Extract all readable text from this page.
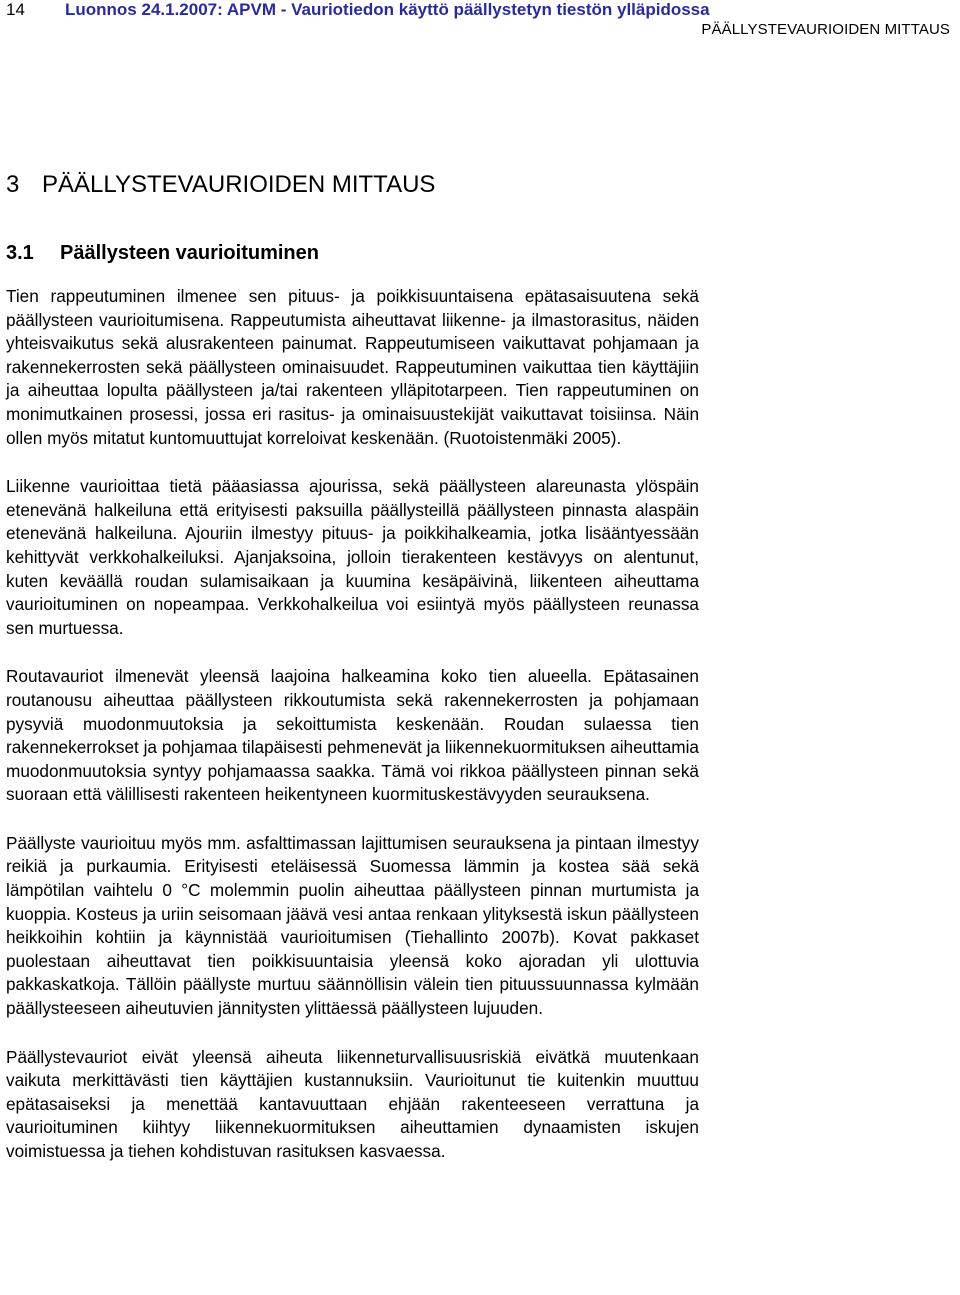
14 Luonnos 24.1.2007: APVM - Vauriotiedon käyttö päällystetyn tiestön ylläpidossa
PÄÄLLYSTEVAURIOIDEN MITTAUS
3 PÄÄLLYSTEVAURIOIDEN MITTAUS
3.1 Päällysteen vaurioituminen

Tien rappeutuminen ilmenee sen pituus- ja poikkisuuntaisena epätasaisuutena sekä päällysteen vaurioitumisena. Rappeutumista aiheuttavat liikenne- ja ilmastorasitus, näiden yhteisvaikutus sekä alusrakenteen painumat. Rappeutumiseen vaikuttavat pohjamaan ja rakennekerrosten sekä päällysteen ominaisuudet. Rappeutuminen vaikuttaa tien käyttäjiin ja aiheuttaa lopulta päällysteen ja/tai rakenteen ylläpitotarpeen. Tien rappeutuminen on monimutkainen prosessi, jossa eri rasitus- ja ominaisuustekijät vaikuttavat toisiinsa. Näin ollen myös mitatut kuntomuuttujat korreloivat keskenään. (Ruotoistenmäki 2005).

Liikenne vaurioittaa tietä pääasiassa ajourissa, sekä päällysteen alareunasta ylöspäin etenevänä halkeiluna että erityisesti paksuilla päällysteillä päällysteen pinnasta alaspäin etenevänä halkeiluna. Ajouriin ilmestyy pituus- ja poikkihalkeamia, jotka lisääntyessään kehittyvät verkkohalkeiluksi. Ajanjaksoina, jolloin tierakenteen kestävyys on alentunut, kuten keväällä roudan sulamisaikaan ja kuumina kesäpäivinä, liikenteen aiheuttama vaurioituminen on nopeampaa. Verkkohalkeilua voi esiintyä myös päällysteen reunassa sen murtuessa.

Routavauriot ilmenevät yleensä laajoina halkeamina koko tien alueella. Epätasainen routanousu aiheuttaa päällysteen rikkoutumista sekä rakennekerrosten ja pohjamaan pysyviä muodonmuutoksia ja sekoittumista keskenään. Roudan sulaessa tien rakennekerrokset ja pohjamaa tilapäisesti pehmenevät ja liikennekuormituksen aiheuttamia muodonmuutoksia syntyy pohjamaassa saakka. Tämä voi rikkoa päällysteen pinnan sekä suoraan että välillisesti rakenteen heikentyneen kuormituskestävyyden seurauksena.

Päällyste vaurioituu myös mm. asfalttimassan lajittumisen seurauksena ja pintaan ilmestyy reikiä ja purkaumia. Erityisesti eteläisessä Suomessa lämmin ja kostea sää sekä lämpötilan vaihtelu 0 °C molemmin puolin aiheuttaa päällysteen pinnan murtumista ja kuoppia. Kosteus ja uriin seisomaan jäävä vesi antaa renkaan ylityksestä iskun päällysteen heikkoihin kohtiin ja käynnistää vaurioitumisen (Tiehallinto 2007b). Kovat pakkaset puolestaan aiheuttavat tien poikkisuuntaisia yleensä koko ajoradan yli ulottuvia pakkaskatkoja. Tällöin päällyste murtuu säännöllisin välein tien pituussuunnassa kylmään päällysteeseen aiheutuvien jännitysten ylittäessä päällysteen lujuuden.

Päällystevauriot eivät yleensä aiheuta liikenneturvallisuusriskiä eivätkä muutenkaan vaikuta merkittävästi tien käyttäjien kustannuksiin. Vaurioitunut tie kuitenkin muuttuu epätasaiseksi ja menettää kantavuuttaan ehjään rakenteeseen verrattuna ja vaurioituminen kiihtyy liikennekuormituksen aiheuttamien dynaamisten iskujen voimistuessa ja tiehen kohdistuvan rasituksen kasvaessa.
